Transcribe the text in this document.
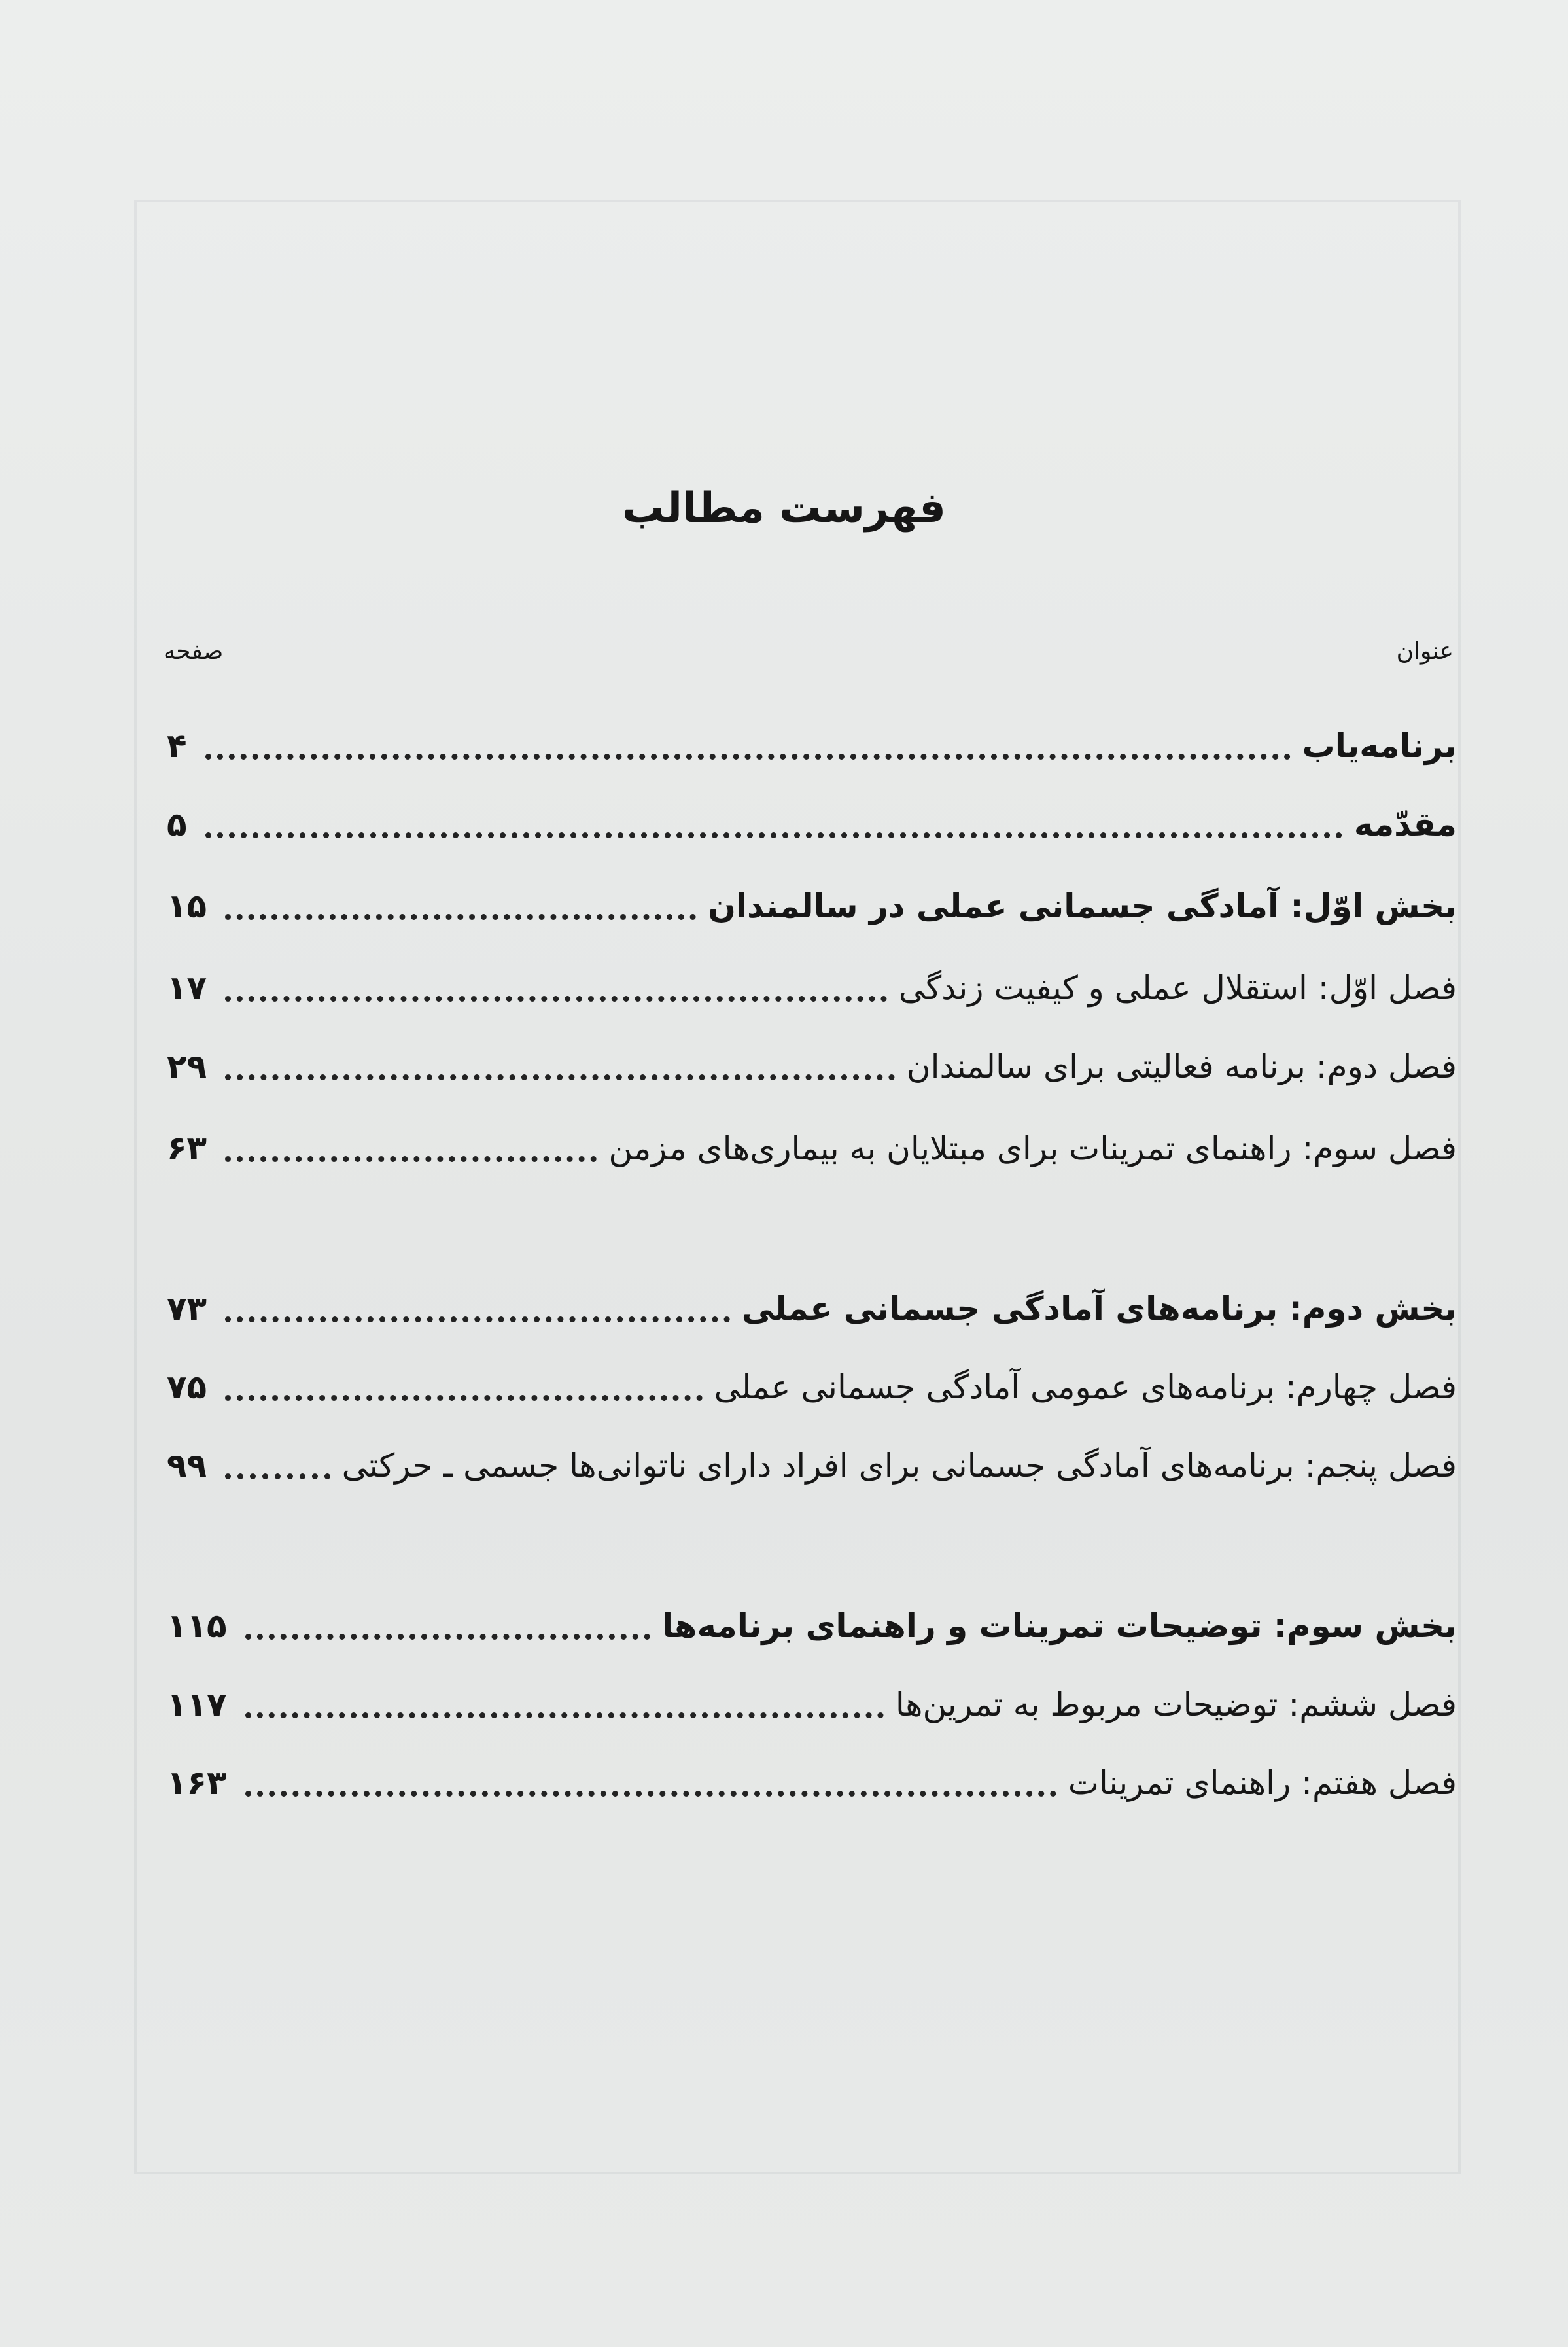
فهرست مطالب
عنوان
صفحه
برنامه‌یاب
۴
مقدّمه
۵
بخش اوّل: آمادگی جسمانی عملی در سالمندان
۱۵
فصل اوّل: استقلال عملی و کیفیت زندگی
۱۷
فصل دوم: برنامه فعالیتی برای سالمندان
۲۹
فصل سوم: راهنمای تمرینات برای مبتلایان به بیماری‌های مزمن
۶۳
بخش دوم: برنامه‌های آمادگی جسمانی عملی
۷۳
فصل چهارم: برنامه‌های عمومی آمادگی جسمانی عملی
۷۵
فصل پنجم: برنامه‌های آمادگی جسمانی برای افراد دارای ناتوانی‌ها جسمی ـ حرکتی
۹۹
بخش سوم: توضیحات تمرینات و راهنمای برنامه‌ها
۱۱۵
فصل ششم: توضیحات مربوط به تمرین‌ها
۱۱۷
فصل هفتم: راهنمای تمرینات
۱۶۳
